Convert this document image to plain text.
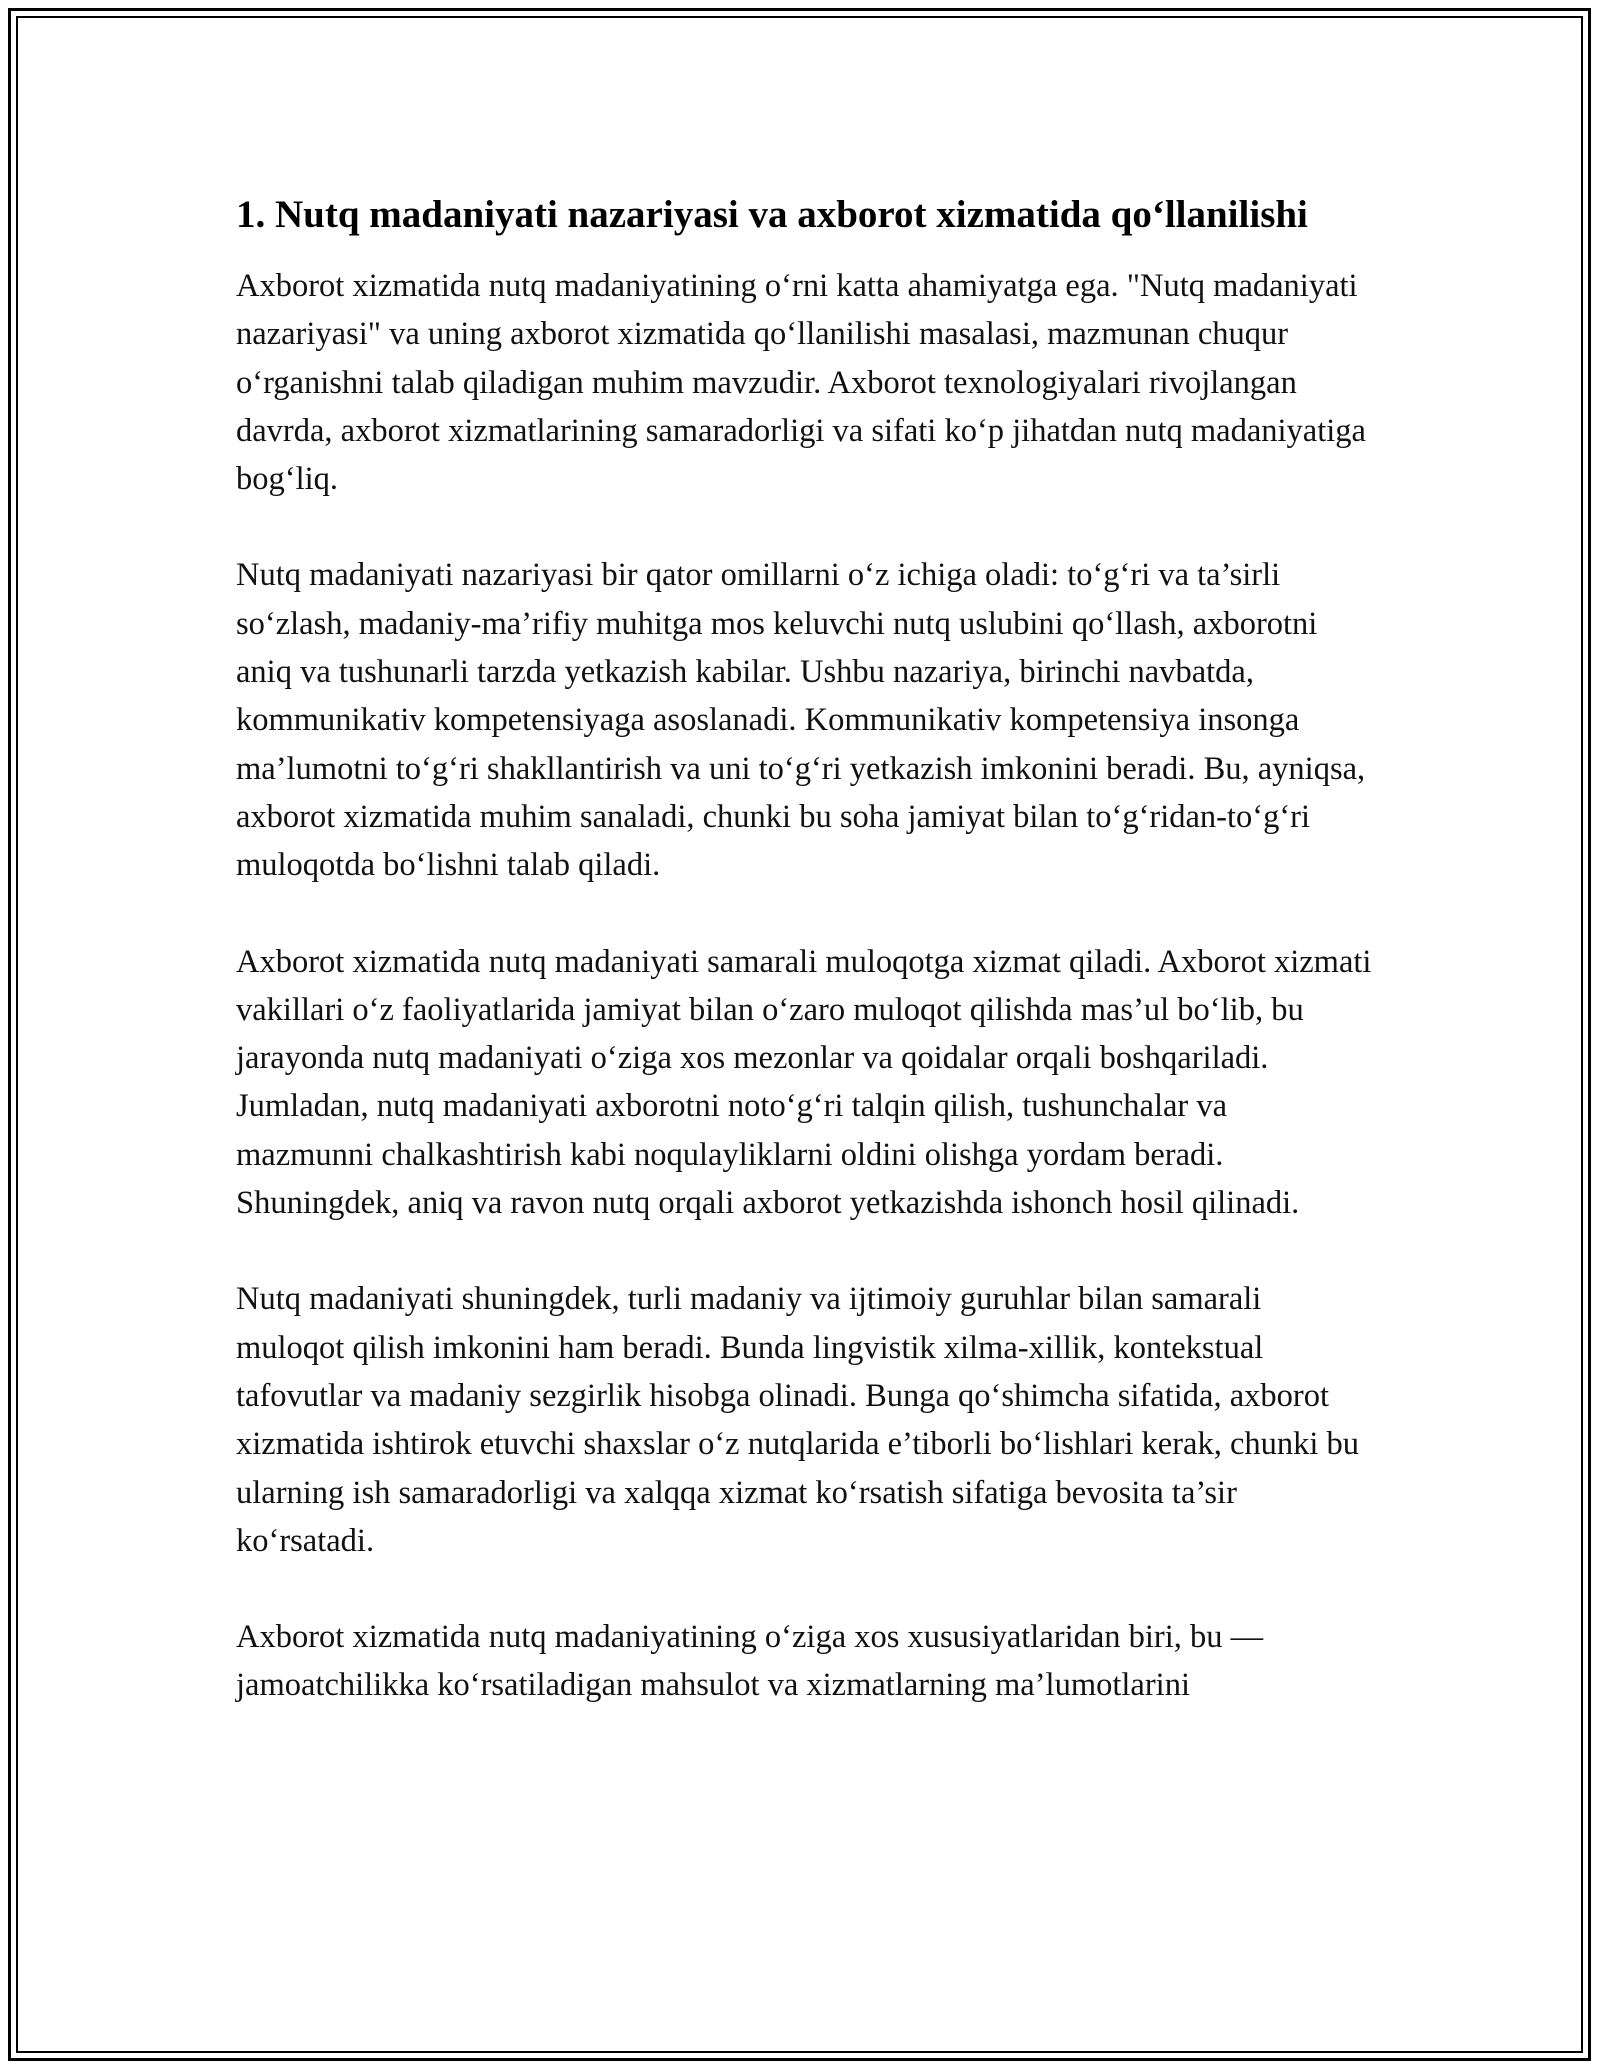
1. Nutq madaniyati nazariyasi va axborot xizmatida qo‘llanilishi

Axborot xizmatida nutq madaniyatining o‘rni katta ahamiyatga ega. "Nutq madaniyati nazariyasi" va uning axborot xizmatida qo‘llanilishi masalasi, mazmunan chuqur o‘rganishni talab qiladigan muhim mavzudir. Axborot texnologiyalari rivojlangan davrda, axborot xizmatlarining samaradorligi va sifati ko‘p jihatdan nutq madaniyatiga bog‘liq.

Nutq madaniyati nazariyasi bir qator omillarni o‘z ichiga oladi: to‘g‘ri va ta’sirli so‘zlash, madaniy-ma’rifiy muhitga mos keluvchi nutq uslubini qo‘llash, axborotni aniq va tushunarli tarzda yetkazish kabilar. Ushbu nazariya, birinchi navbatda, kommunikativ kompetensiyaga asoslanadi. Kommunikativ kompetensiya insonga ma’lumotni to‘g‘ri shakllantirish va uni to‘g‘ri yetkazish imkonini beradi. Bu, ayniqsa, axborot xizmatida muhim sanaladi, chunki bu soha jamiyat bilan to‘g‘ridan-to‘g‘ri muloqotda bo‘lishni talab qiladi.

Axborot xizmatida nutq madaniyati samarali muloqotga xizmat qiladi. Axborot xizmati vakillari o‘z faoliyatlarida jamiyat bilan o‘zaro muloqot qilishda mas’ul bo‘lib, bu jarayonda nutq madaniyati o‘ziga xos mezonlar va qoidalar orqali boshqariladi. Jumladan, nutq madaniyati axborotni noto‘g‘ri talqin qilish, tushunchalar va mazmunni chalkashtirish kabi noqulayliklarni oldini olishga yordam beradi. Shuningdek, aniq va ravon nutq orqali axborot yetkazishda ishonch hosil qilinadi.

Nutq madaniyati shuningdek, turli madaniy va ijtimoiy guruhlar bilan samarali muloqot qilish imkonini ham beradi. Bunda lingvistik xilma-xillik, kontekstual tafovutlar va madaniy sezgirlik hisobga olinadi. Bunga qo‘shimcha sifatida, axborot xizmatida ishtirok etuvchi shaxslar o‘z nutqlarida e’tiborli bo‘lishlari kerak, chunki bu ularning ish samaradorligi va xalqqa xizmat ko‘rsatish sifatiga bevosita ta’sir ko‘rsatadi.

Axborot xizmatida nutq madaniyatining o‘ziga xos xususiyatlaridan biri, bu — jamoatchilikka ko‘rsatiladigan mahsulot va xizmatlarning ma’lumotlarini
